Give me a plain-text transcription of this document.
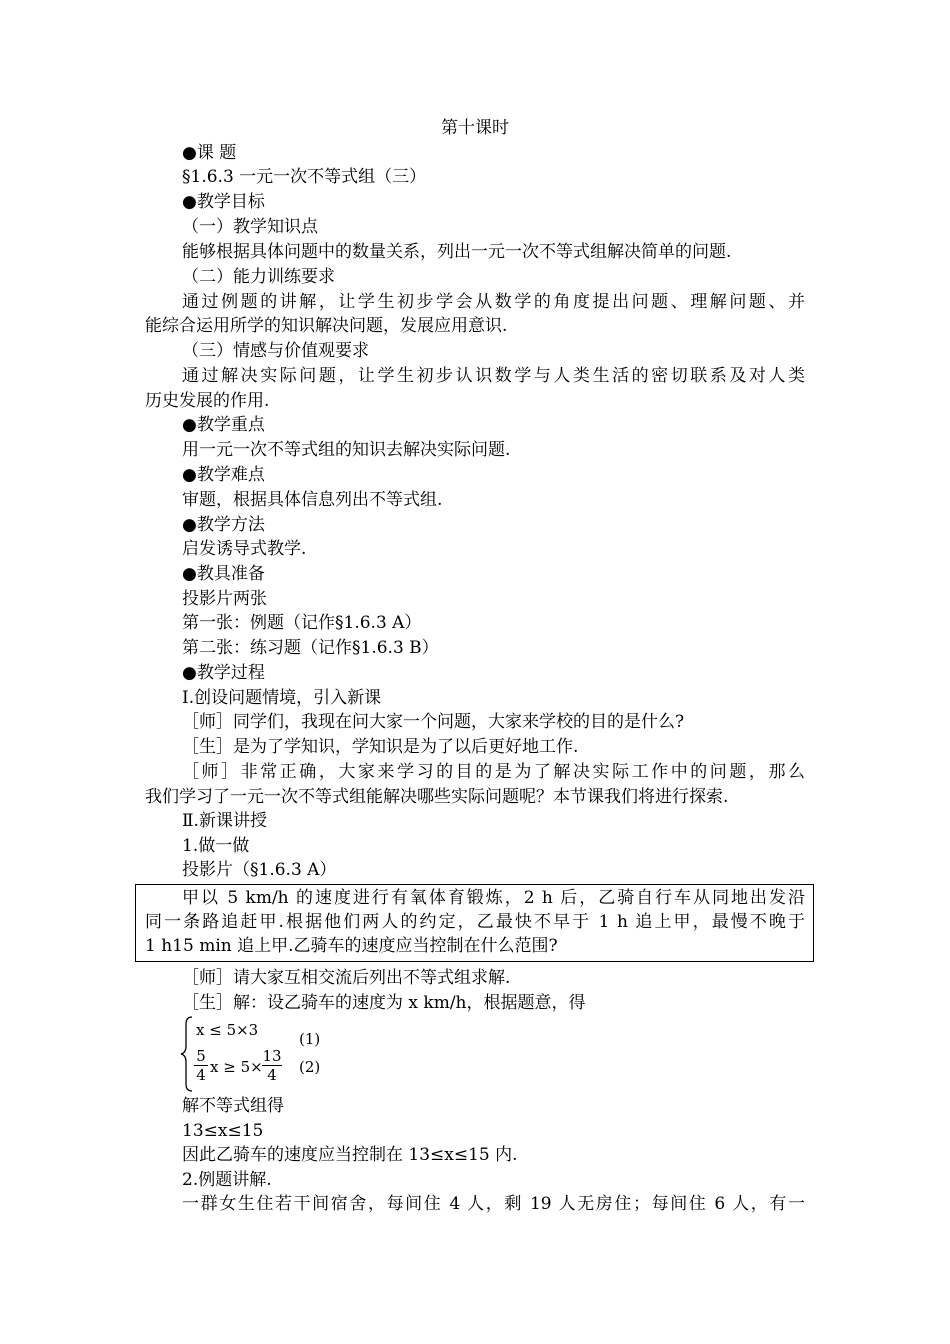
第十课时
●课 题
§1.6.3 一元一次不等式组（三）
●教学目标
（一）教学知识点
能够根据具体问题中的数量关系，列出一元一次不等式组解决简单的问题.
（二）能力训练要求
通过例题的讲解，让学生初步学会从数学的角度提出问题、理解问题、并
能综合运用所学的知识解决问题，发展应用意识.
（三）情感与价值观要求
通过解决实际问题，让学生初步认识数学与人类生活的密切联系及对人类
历史发展的作用.
●教学重点
用一元一次不等式组的知识去解决实际问题.
●教学难点
审题，根据具体信息列出不等式组.
●教学方法
启发诱导式教学.
●教具准备
投影片两张
第一张：例题（记作§1.6.3 A）
第二张：练习题（记作§1.6.3 B）
●教学过程
Ⅰ.创设问题情境，引入新课
［师］同学们，我现在问大家一个问题，大家来学校的目的是什么?
［生］是为了学知识，学知识是为了以后更好地工作.
［师］非常正确，大家来学习的目的是为了解决实际工作中的问题，那么
我们学习了一元一次不等式组能解决哪些实际问题呢？本节课我们将进行探索.
Ⅱ.新课讲授
1.做一做
投影片（§1.6.3 A）
甲以 5 km/h 的速度进行有氧体育锻炼，2 h 后，乙骑自行车从同地出发沿
同一条路追赶甲.根据他们两人的约定，乙最快不早于 1 h 追上甲，最慢不晚于
1 h15 min 追上甲.乙骑车的速度应当控制在什么范围?
［师］请大家互相交流后列出不等式组求解.
［生］解：设乙骑车的速度为 x km/h，根据题意，得
x ≤ 5×3	(1)
5
4 x ≥ 5×
13
4	(2)
解不等式组得
13≤x≤15
因此乙骑车的速度应当控制在 13≤x≤15 内.
2.例题讲解.
一群女生住若干间宿舍，每间住 4 人，剩 19 人无房住；每间住 6 人，有一
